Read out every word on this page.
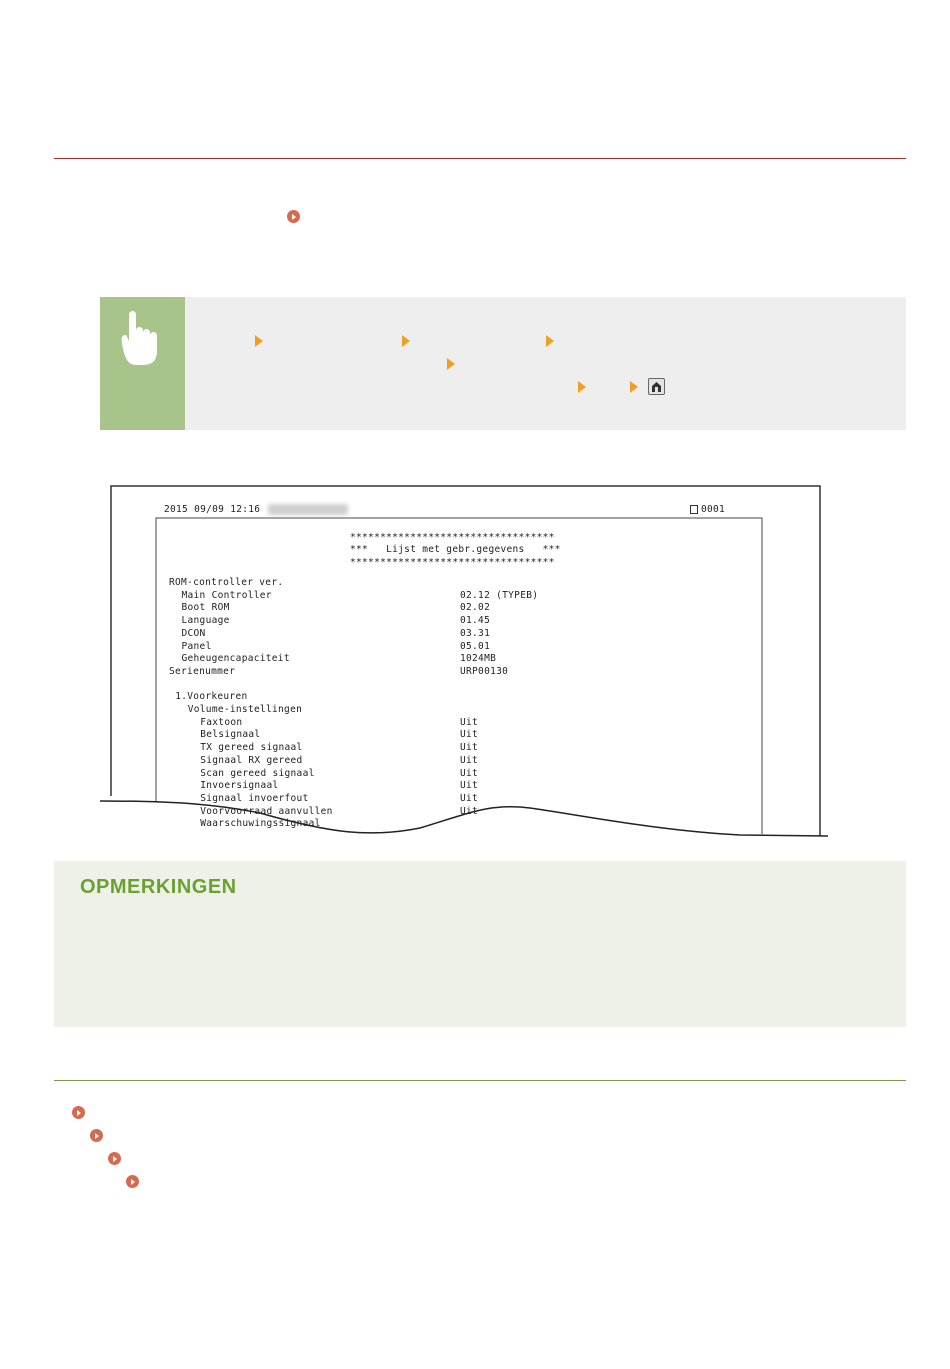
2015 09/09 12:16	0001
**********************************
***   Lijst met gebr.gegevens   ***
**********************************
ROM-controller ver.
Main Controller	02.12 (TYPEB)
Boot ROM	02.02
Language	01.45
DCON	03.31
Panel	05.01
Geheugencapaciteit	1024MB
Serienummer	URP00130
1.Voorkeuren
Volume-instellingen
Faxtoon	Uit
Belsignaal	Uit
TX gereed signaal	Uit
Signaal RX gereed	Uit
Scan gereed signaal	Uit
Invoersignaal	Uit
Signaal invoerfout	Uit
Voorvoorraad aanvullen	Uit
Waarschuwingssignaal
OPMERKINGEN
